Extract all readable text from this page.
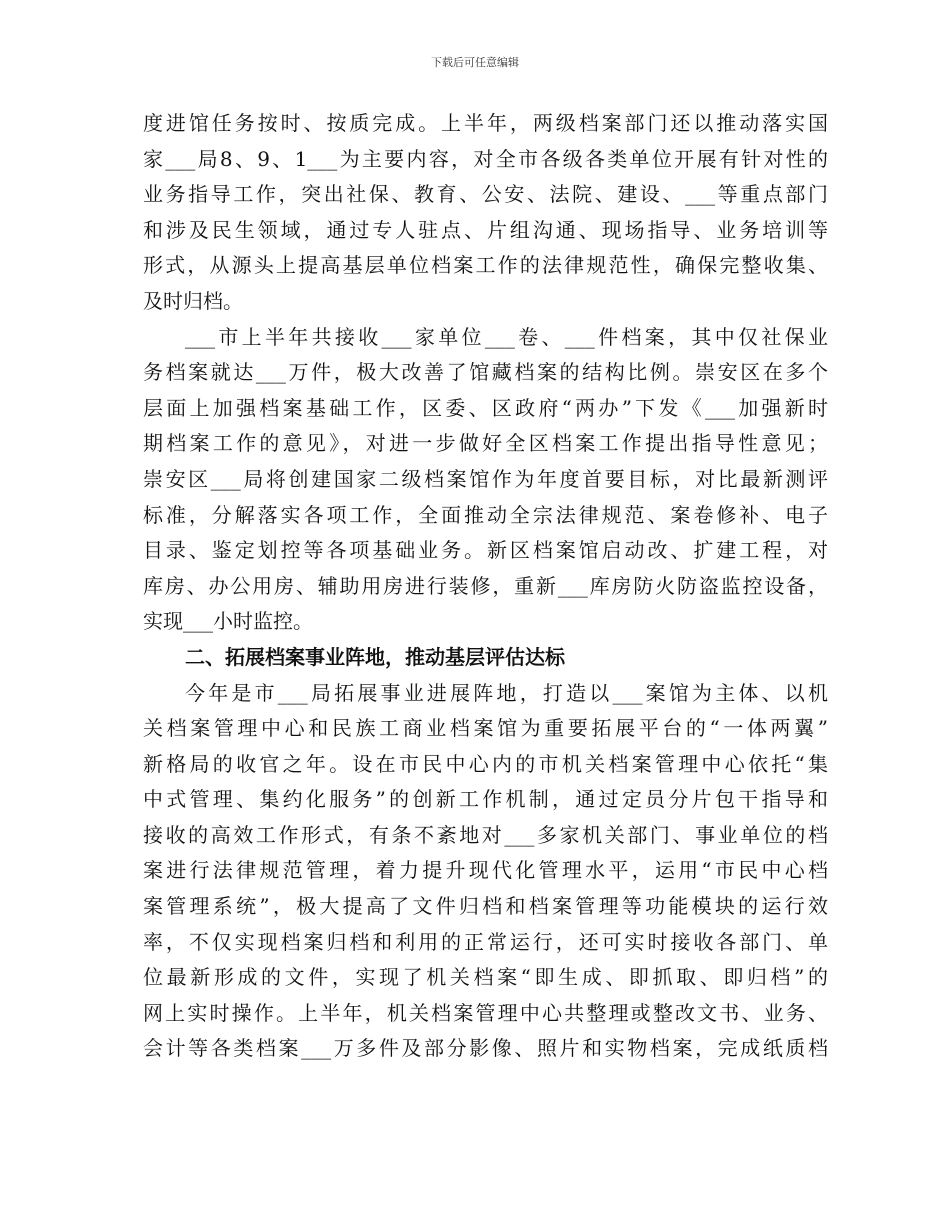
下载后可任意编辑
度进馆任务按时、按质完成。上半年，两级档案部门还以推动落实国
家___局8、9、1___为主要内容，对全市各级各类单位开展有针对性的
业务指导工作，突出社保、教育、公安、法院、建设、___等重点部门
和涉及民生领域，通过专人驻点、片组沟通、现场指导、业务培训等
形式，从源头上提高基层单位档案工作的法律规范性，确保完整收集、
及时归档。
___市上半年共接收___家单位___卷、___件档案，其中仅社保业
务档案就达___万件，极大改善了馆藏档案的结构比例。崇安区在多个
层面上加强档案基础工作，区委、区政府“两办”下发《___加强新时
期档案工作的意见》，对进一步做好全区档案工作提出指导性意见；
崇安区___局将创建国家二级档案馆作为年度首要目标，对比最新测评
标准，分解落实各项工作，全面推动全宗法律规范、案卷修补、电子
目录、鉴定划控等各项基础业务。新区档案馆启动改、扩建工程，对
库房、办公用房、辅助用房进行装修，重新___库房防火防盗监控设备，
实现___小时监控。
二、拓展档案事业阵地，推动基层评估达标
今年是市___局拓展事业进展阵地，打造以___案馆为主体、以机
关档案管理中心和民族工商业档案馆为重要拓展平台的“一体两翼”
新格局的收官之年。设在市民中心内的市机关档案管理中心依托“集
中式管理、集约化服务”的创新工作机制，通过定员分片包干指导和
接收的高效工作形式，有条不紊地对___多家机关部门、事业单位的档
案进行法律规范管理，着力提升现代化管理水平，运用“市民中心档
案管理系统”，极大提高了文件归档和档案管理等功能模块的运行效
率，不仅实现档案归档和利用的正常运行，还可实时接收各部门、单
位最新形成的文件，实现了机关档案“即生成、即抓取、即归档”的
网上实时操作。上半年，机关档案管理中心共整理或整改文书、业务、
会计等各类档案___万多件及部分影像、照片和实物档案，完成纸质档
